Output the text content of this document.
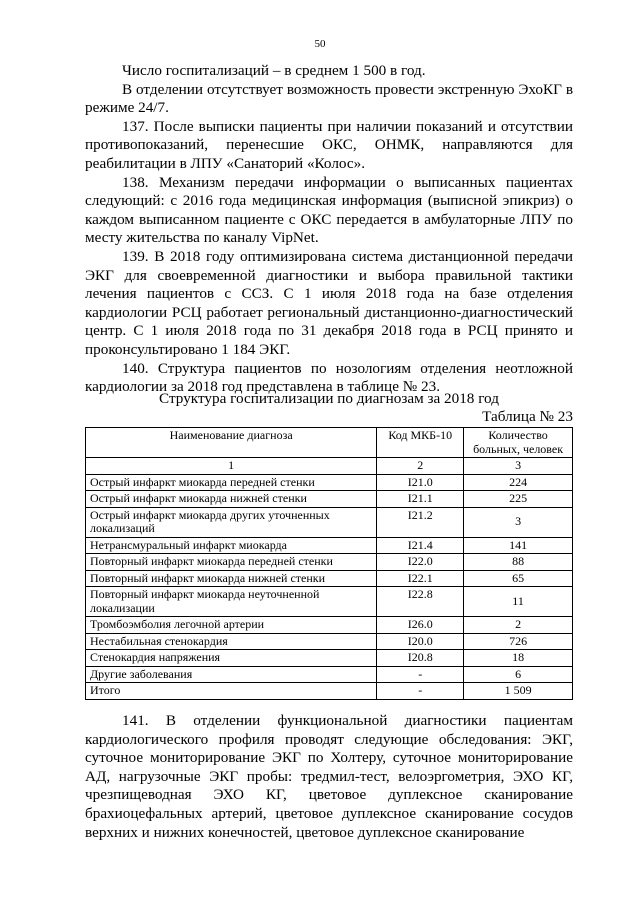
50

Число госпитализаций – в среднем 1 500 в год.

В отделении отсутствует возможность провести экстренную ЭхоКГ в режиме 24/7.

137. После выписки пациенты при наличии показаний и отсутствии противопоказаний, перенесшие ОКС, ОНМК, направляются для реабилитации в ЛПУ «Санаторий «Колос».

138. Механизм передачи информации о выписанных пациентах следующий: с 2016 года медицинская информация (выписной эпикриз) о каждом выписанном пациенте с ОКС передается в амбулаторные ЛПУ по месту жительства по каналу VipNet.

139. В 2018 году оптимизирована система дистанционной передачи ЭКГ для своевременной диагностики и выбора правильной тактики лечения пациентов с ССЗ. С 1 июля 2018 года на базе отделения кардиологии РСЦ работает региональный дистанционно-диагностический центр. С 1 июля 2018 года по 31 декабря 2018 года в РСЦ принято и проконсультировано 1 184 ЭКГ.

140. Структура пациентов по нозологиям отделения неотложной кардиологии за 2018 год представлена в таблице № 23.

Структура госпитализации по диагнозам за 2018 год
Таблица № 23
Наименование диагноза	Код МКБ-10	Количество больных, человек
1	2	3
Острый инфаркт миокарда передней стенки	I21.0	224
Острый инфаркт миокарда нижней стенки	I21.1	225
Острый инфаркт миокарда других уточненных локализаций	I21.2	3
Нетрансмуральный инфаркт миокарда	I21.4	141
Повторный инфаркт миокарда передней стенки	I22.0	88
Повторный инфаркт миокарда нижней стенки	I22.1	65
Повторный инфаркт миокарда неуточненной локализации	I22.8	11
Тромбоэмболия легочной артерии	I26.0	2
Нестабильная стенокардия	I20.0	726
Стенокардия напряжения	I20.8	18
Другие заболевания	-	6
Итого	-	1 509

141. В отделении функциональной диагностики пациентам кардиологического профиля проводят следующие обследования: ЭКГ, суточное мониторирование ЭКГ по Холтеру, суточное мониторирование АД, нагрузочные ЭКГ пробы: тредмил-тест, велоэргометрия, ЭХО КГ, чрезпищеводная ЭХО КГ, цветовое дуплексное сканирование брахиоцефальных артерий, цветовое дуплексное сканирование сосудов верхних и нижних конечностей, цветовое дуплексное сканирование
